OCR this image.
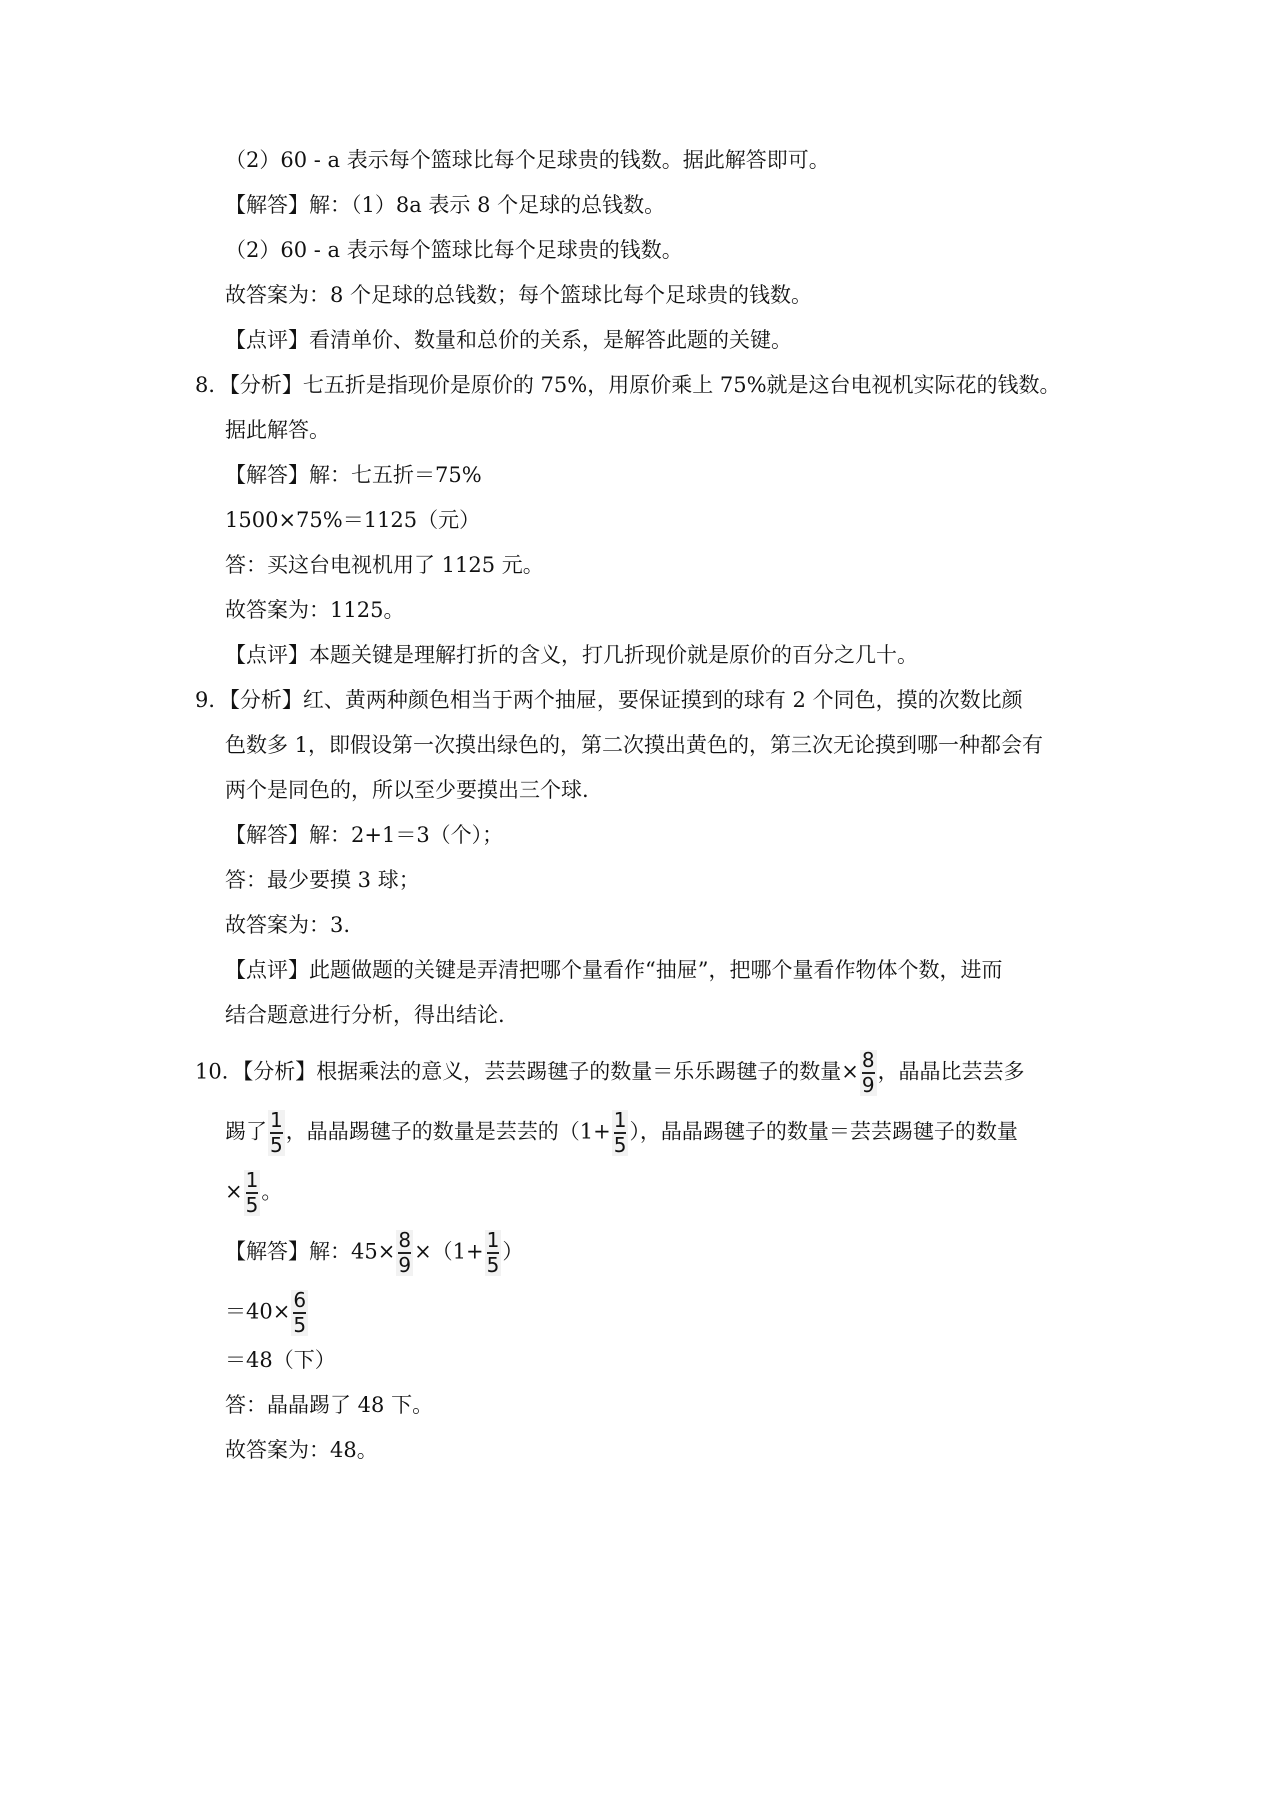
（2）60 - a 表示每个篮球比每个足球贵的钱数。据此解答即可。
【解答】解：（1）8a 表示 8 个足球的总钱数。
（2）60 - a 表示每个篮球比每个足球贵的钱数。
故答案为：8 个足球的总钱数；每个篮球比每个足球贵的钱数。
【点评】看清单价、数量和总价的关系，是解答此题的关键。
8．【分析】七五折是指现价是原价的 75%，用原价乘上 75%就是这台电视机实际花的钱数。
据此解答。
【解答】解：七五折＝75%
1500×75%＝1125（元）
答：买这台电视机用了 1125 元。
故答案为：1125。
【点评】本题关键是理解打折的含义，打几折现价就是原价的百分之几十。
9．【分析】红、黄两种颜色相当于两个抽屉，要保证摸到的球有 2 个同色，摸的次数比颜
色数多 1，即假设第一次摸出绿色的，第二次摸出黄色的，第三次无论摸到哪一种都会有
两个是同色的，所以至少要摸出三个球.
【解答】解：2+1＝3（个）；
答：最少要摸 3 球；
故答案为：3.
【点评】此题做题的关键是弄清把哪个量看作“抽屉”，把哪个量看作物体个数，进而
结合题意进行分析，得出结论.
10．【分析】根据乘法的意义，芸芸踢毽子的数量＝乐乐踢毽子的数量× $\frac{8}{9}$ ，晶晶比芸芸多
踢了 $\frac{1}{5}$ ，晶晶踢毽子的数量是芸芸的（$1+ \frac{1}{5}$ ），晶晶踢毽子的数量＝芸芸踢毽子的数量
× $\frac{1}{5}$ 。
【解答】解：$45\times \frac{8}{9} \times(1+ \frac{1}{5}$ ）
$=40\times \frac{6}{5}$
＝48（下）
答：晶晶踢了 48 下。
故答案为：48。
